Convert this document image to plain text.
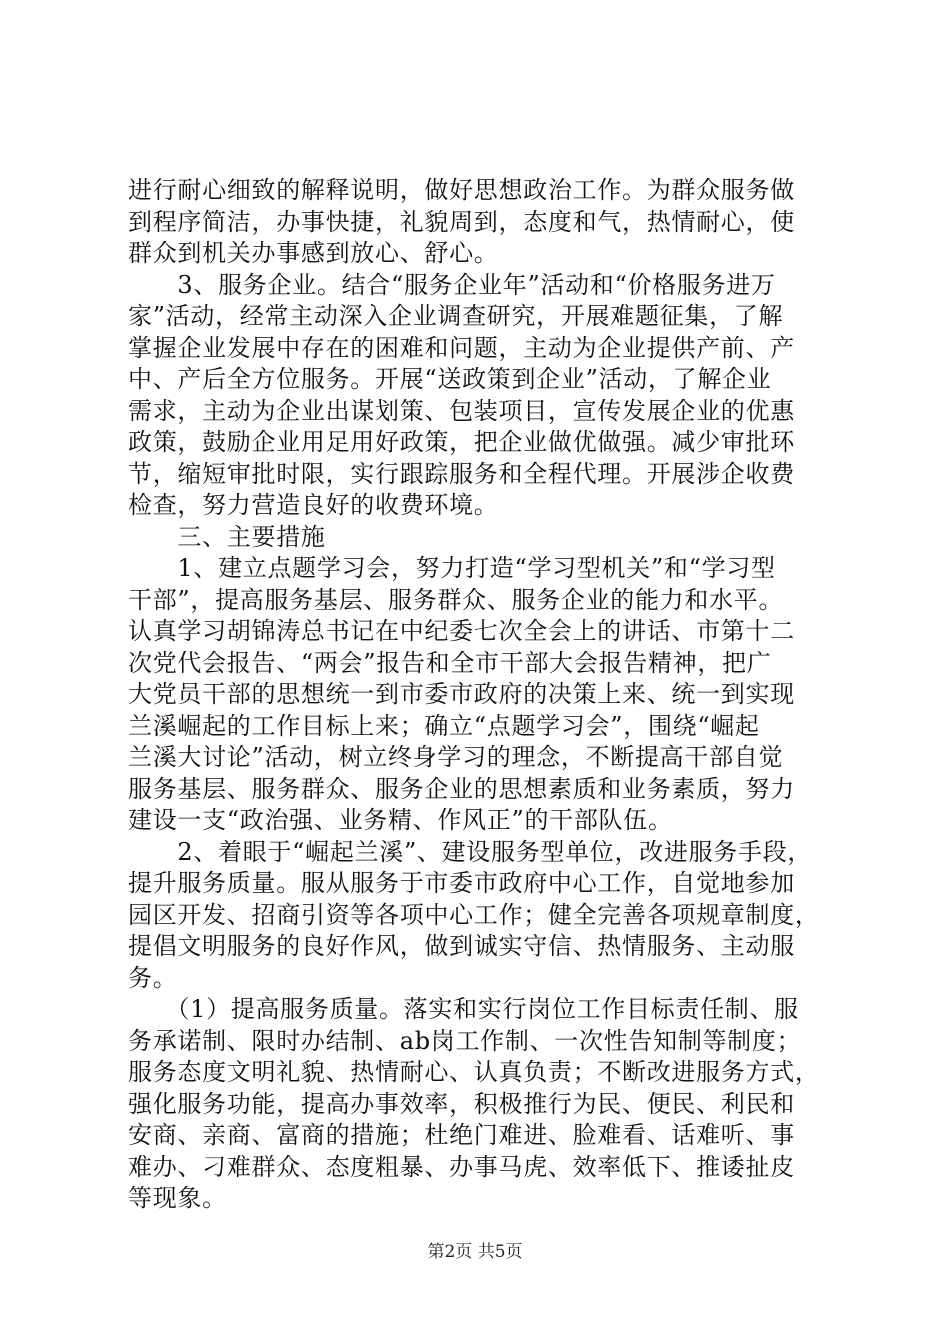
进行耐心细致的解释说明，做好思想政治工作。为群众服务做
到程序简洁，办事快捷，礼貌周到，态度和气，热情耐心，使
群众到机关办事感到放心、舒心。
　　3、服务企业。结合“服务企业年”活动和“价格服务进万
家”活动，经常主动深入企业调查研究，开展难题征集，了解
掌握企业发展中存在的困难和问题，主动为企业提供产前、产
中、产后全方位服务。开展“送政策到企业”活动，了解企业
需求，主动为企业出谋划策、包装项目，宣传发展企业的优惠
政策，鼓励企业用足用好政策，把企业做优做强。减少审批环
节，缩短审批时限，实行跟踪服务和全程代理。开展涉企收费
检查，努力营造良好的收费环境。
　　三、主要措施
　　1、建立点题学习会，努力打造“学习型机关”和“学习型
干部”，提高服务基层、服务群众、服务企业的能力和水平。
认真学习胡锦涛总书记在中纪委七次全会上的讲话、市第十二
次党代会报告、“两会”报告和全市干部大会报告精神，把广
大党员干部的思想统一到市委市政府的决策上来、统一到实现
兰溪崛起的工作目标上来；确立“点题学习会”，围绕“崛起
兰溪大讨论”活动，树立终身学习的理念，不断提高干部自觉
服务基层、服务群众、服务企业的思想素质和业务素质，努力
建设一支“政治强、业务精、作风正”的干部队伍。
　　2、着眼于“崛起兰溪”、建设服务型单位，改进服务手段，
提升服务质量。服从服务于市委市政府中心工作，自觉地参加
园区开发、招商引资等各项中心工作；健全完善各项规章制度，
提倡文明服务的良好作风，做到诚实守信、热情服务、主动服
务。
　　（1）提高服务质量。落实和实行岗位工作目标责任制、服
务承诺制、限时办结制、ab岗工作制、一次性告知制等制度；
服务态度文明礼貌、热情耐心、认真负责；不断改进服务方式，
强化服务功能，提高办事效率，积极推行为民、便民、利民和
安商、亲商、富商的措施；杜绝门难进、脸难看、话难听、事
难办、刁难群众、态度粗暴、办事马虎、效率低下、推诿扯皮
等现象。
第2页 共5页
